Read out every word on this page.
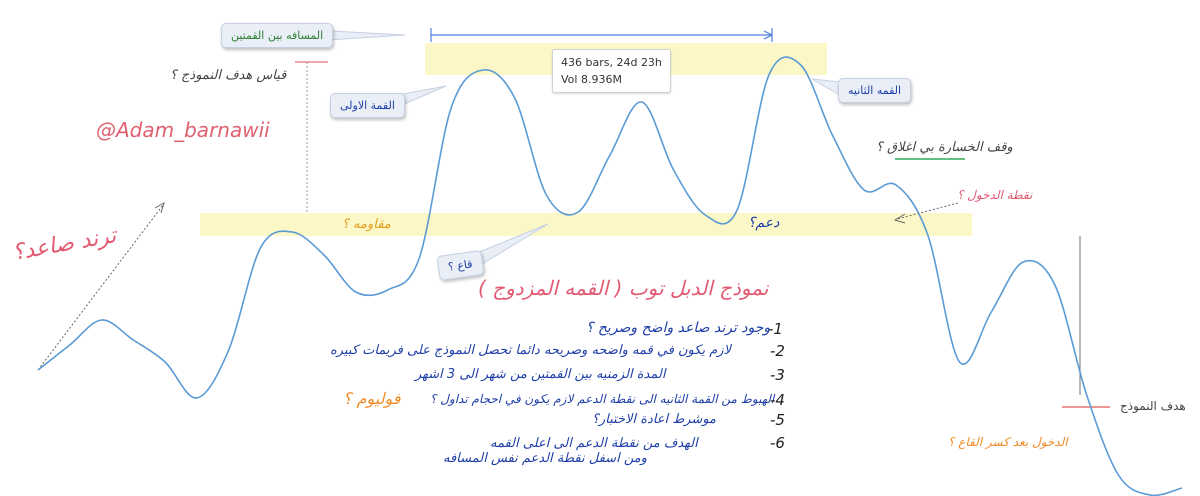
المسافه بين القمتين
القمة الاولى
القمه الثانيه
قاع ؟
436 bars, 24d 23h
Vol 8.936M
@Adam_barnawii
قياس هدف النموذج ؟
ترند صاعد؟	مقاومه ؟	دعم؟
وقف الخسارة بي اغلاق ؟
نقطة الدخول ؟
هدف النموذج
الدخول بعد كسر القاع ؟
نموذج الدبل توب ( القمه المزدوج )
وجود ترند صاعد واضح وصريح ؟
-1
لازم يكون في قمه واضحه وصريحه دائما تحصل النموذج على فريمات كبيره	-2
المدة الزمنيه بين القمتين من شهر الى 3 اشهر	-3
الهبوط من القمة الثانيه الى نقطة الدعم لازم يكون في احجام تداول ؟
فوليوم ؟	-4
موشرط اعادة الاختبار؟	-5
الهدف من نقطة الدعم الى اعلى القمه
ومن اسفل نقطة الدعم نفس المسافه
-6
